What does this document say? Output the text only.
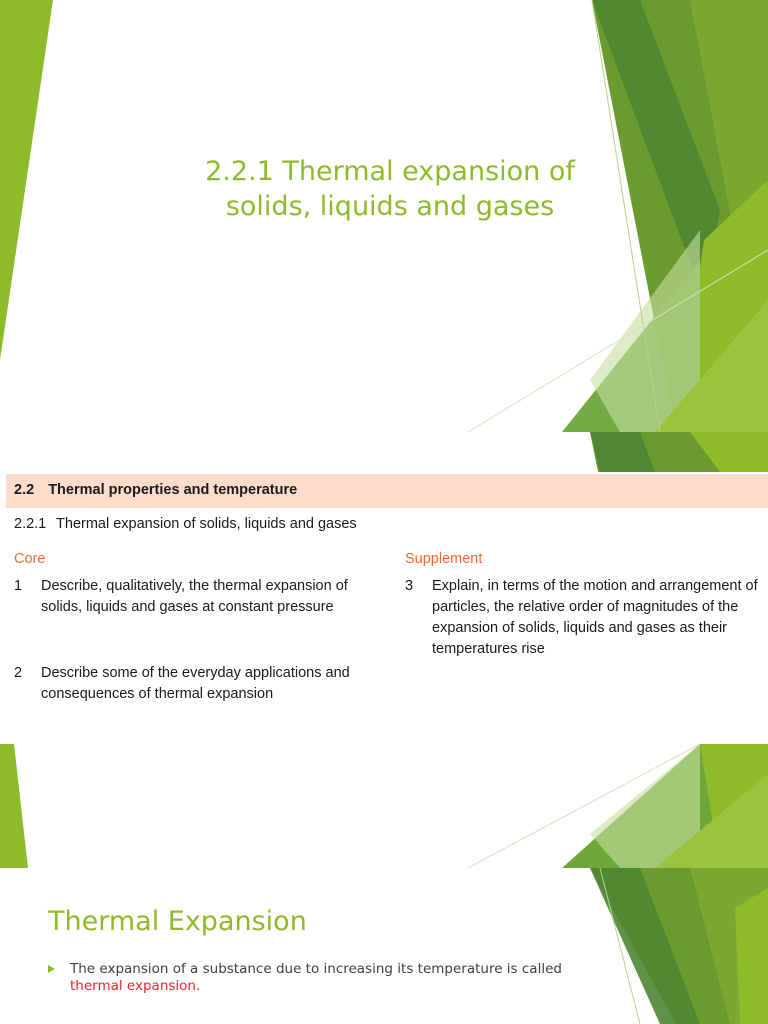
2.2.1 Thermal expansion of
solids, liquids and gases
2.2 Thermal properties and temperature
2.2.1 Thermal expansion of solids, liquids and gases
Core	Supplement
1 Describe, qualitatively, the thermal expansion of solids, liquids and gases at constant pressure
2 Describe some of the everyday applications and consequences of thermal expansion
3 Explain, in terms of the motion and arrangement of particles, the relative order of magnitudes of the expansion of solids, liquids and gases as their temperatures rise
Thermal Expansion
The expansion of a substance due to increasing its temperature is called thermal expansion.
